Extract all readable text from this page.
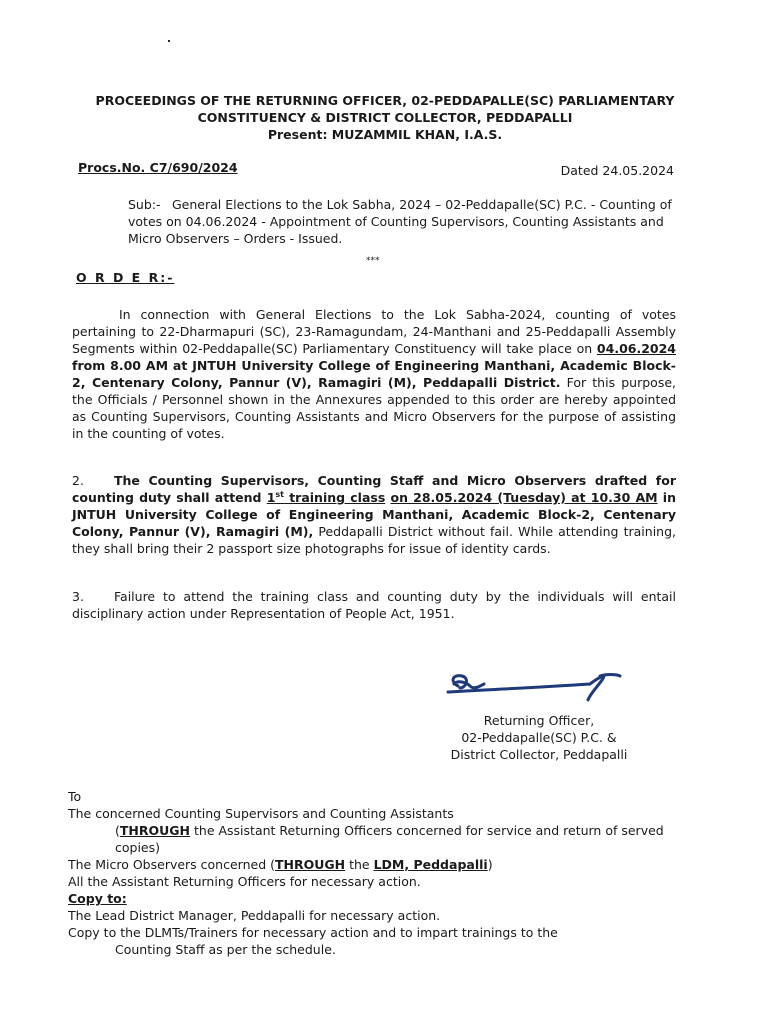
PROCEEDINGS OF THE RETURNING OFFICER, 02-PEDDAPALLE(SC) PARLIAMENTARY
CONSTITUENCY & DISTRICT COLLECTOR, PEDDAPALLI
Present: MUZAMMIL KHAN, I.A.S.
Procs.No. C7/690/2024	Dated 24.05.2024
Sub:- General Elections to the Lok Sabha, 2024 – 02-Peddapalle(SC) P.C. - Counting of votes on 04.06.2024 - Appointment of Counting Supervisors, Counting Assistants and Micro Observers – Orders - Issued.
***
O R D E R:-
In connection with General Elections to the Lok Sabha-2024, counting of votes pertaining to 22-Dharmapuri (SC), 23-Ramagundam, 24-Manthani and 25-Peddapalli Assembly Segments within 02-Peddapalle(SC) Parliamentary Constituency will take place on 04.06.2024 from 8.00 AM at JNTUH University College of Engineering Manthani, Academic Block-2, Centenary Colony, Pannur (V), Ramagiri (M), Peddapalli District. For this purpose, the Officials / Personnel shown in the Annexures appended to this order are hereby appointed as Counting Supervisors, Counting Assistants and Micro Observers for the purpose of assisting in the counting of votes.
2. The Counting Supervisors, Counting Staff and Micro Observers drafted for counting duty shall attend 1st training class on 28.05.2024 (Tuesday) at 10.30 AM in JNTUH University College of Engineering Manthani, Academic Block-2, Centenary Colony, Pannur (V), Ramagiri (M), Peddapalli District without fail. While attending training, they shall bring their 2 passport size photographs for issue of identity cards.
3. Failure to attend the training class and counting duty by the individuals will entail disciplinary action under Representation of People Act, 1951.
Returning Officer,
02-Peddapalle(SC) P.C. &
District Collector, Peddapalli
To
The concerned Counting Supervisors and Counting Assistants
(THROUGH the Assistant Returning Officers concerned for service and return of served copies)
The Micro Observers concerned (THROUGH the LDM, Peddapalli)
All the Assistant Returning Officers for necessary action.
Copy to:
The Lead District Manager, Peddapalli for necessary action.
Copy to the DLMTs/Trainers for necessary action and to impart trainings to the
Counting Staff as per the schedule.
